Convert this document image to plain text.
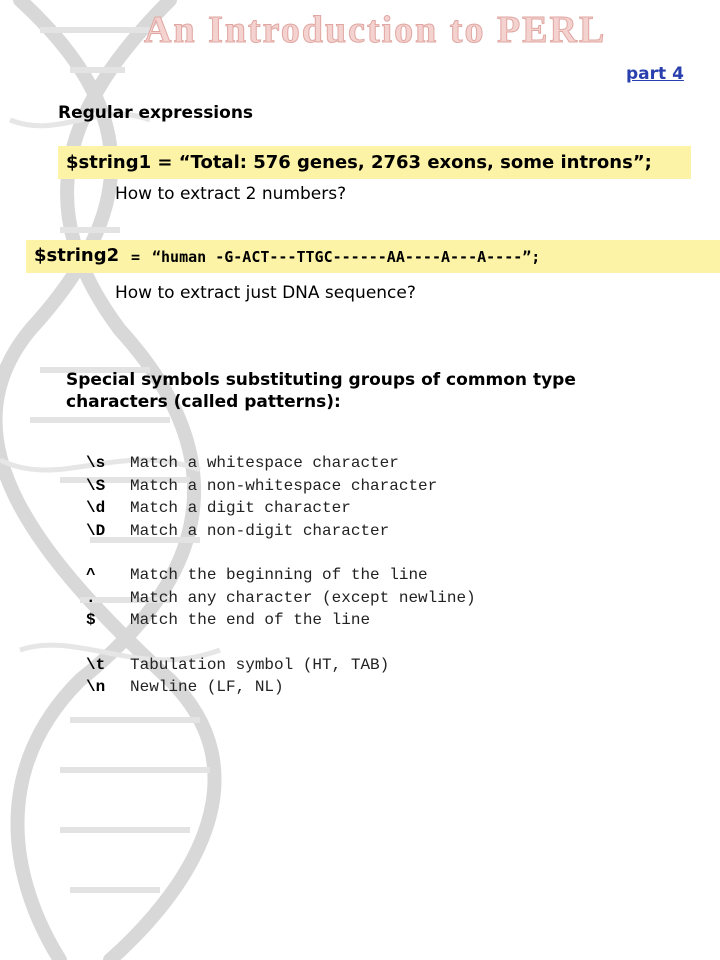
An Introduction to PERL
part 4
Regular expressions
$string1 = “Total: 576 genes, 2763 exons, some introns”;
How to extract 2 numbers?
$string2 = “human -G-ACT---TTGC------AA----A---A----”;
How to extract just DNA sequence?
Special symbols substituting groups of common type
characters (called patterns):
\s Match a whitespace character
\S Match a non-whitespace character
\d Match a digit character
\D Match a non-digit character
^ Match the beginning of the line
. Match any character (except newline)
$ Match the end of the line
\t Tabulation symbol (HT, TAB)
\n Newline (LF, NL)
